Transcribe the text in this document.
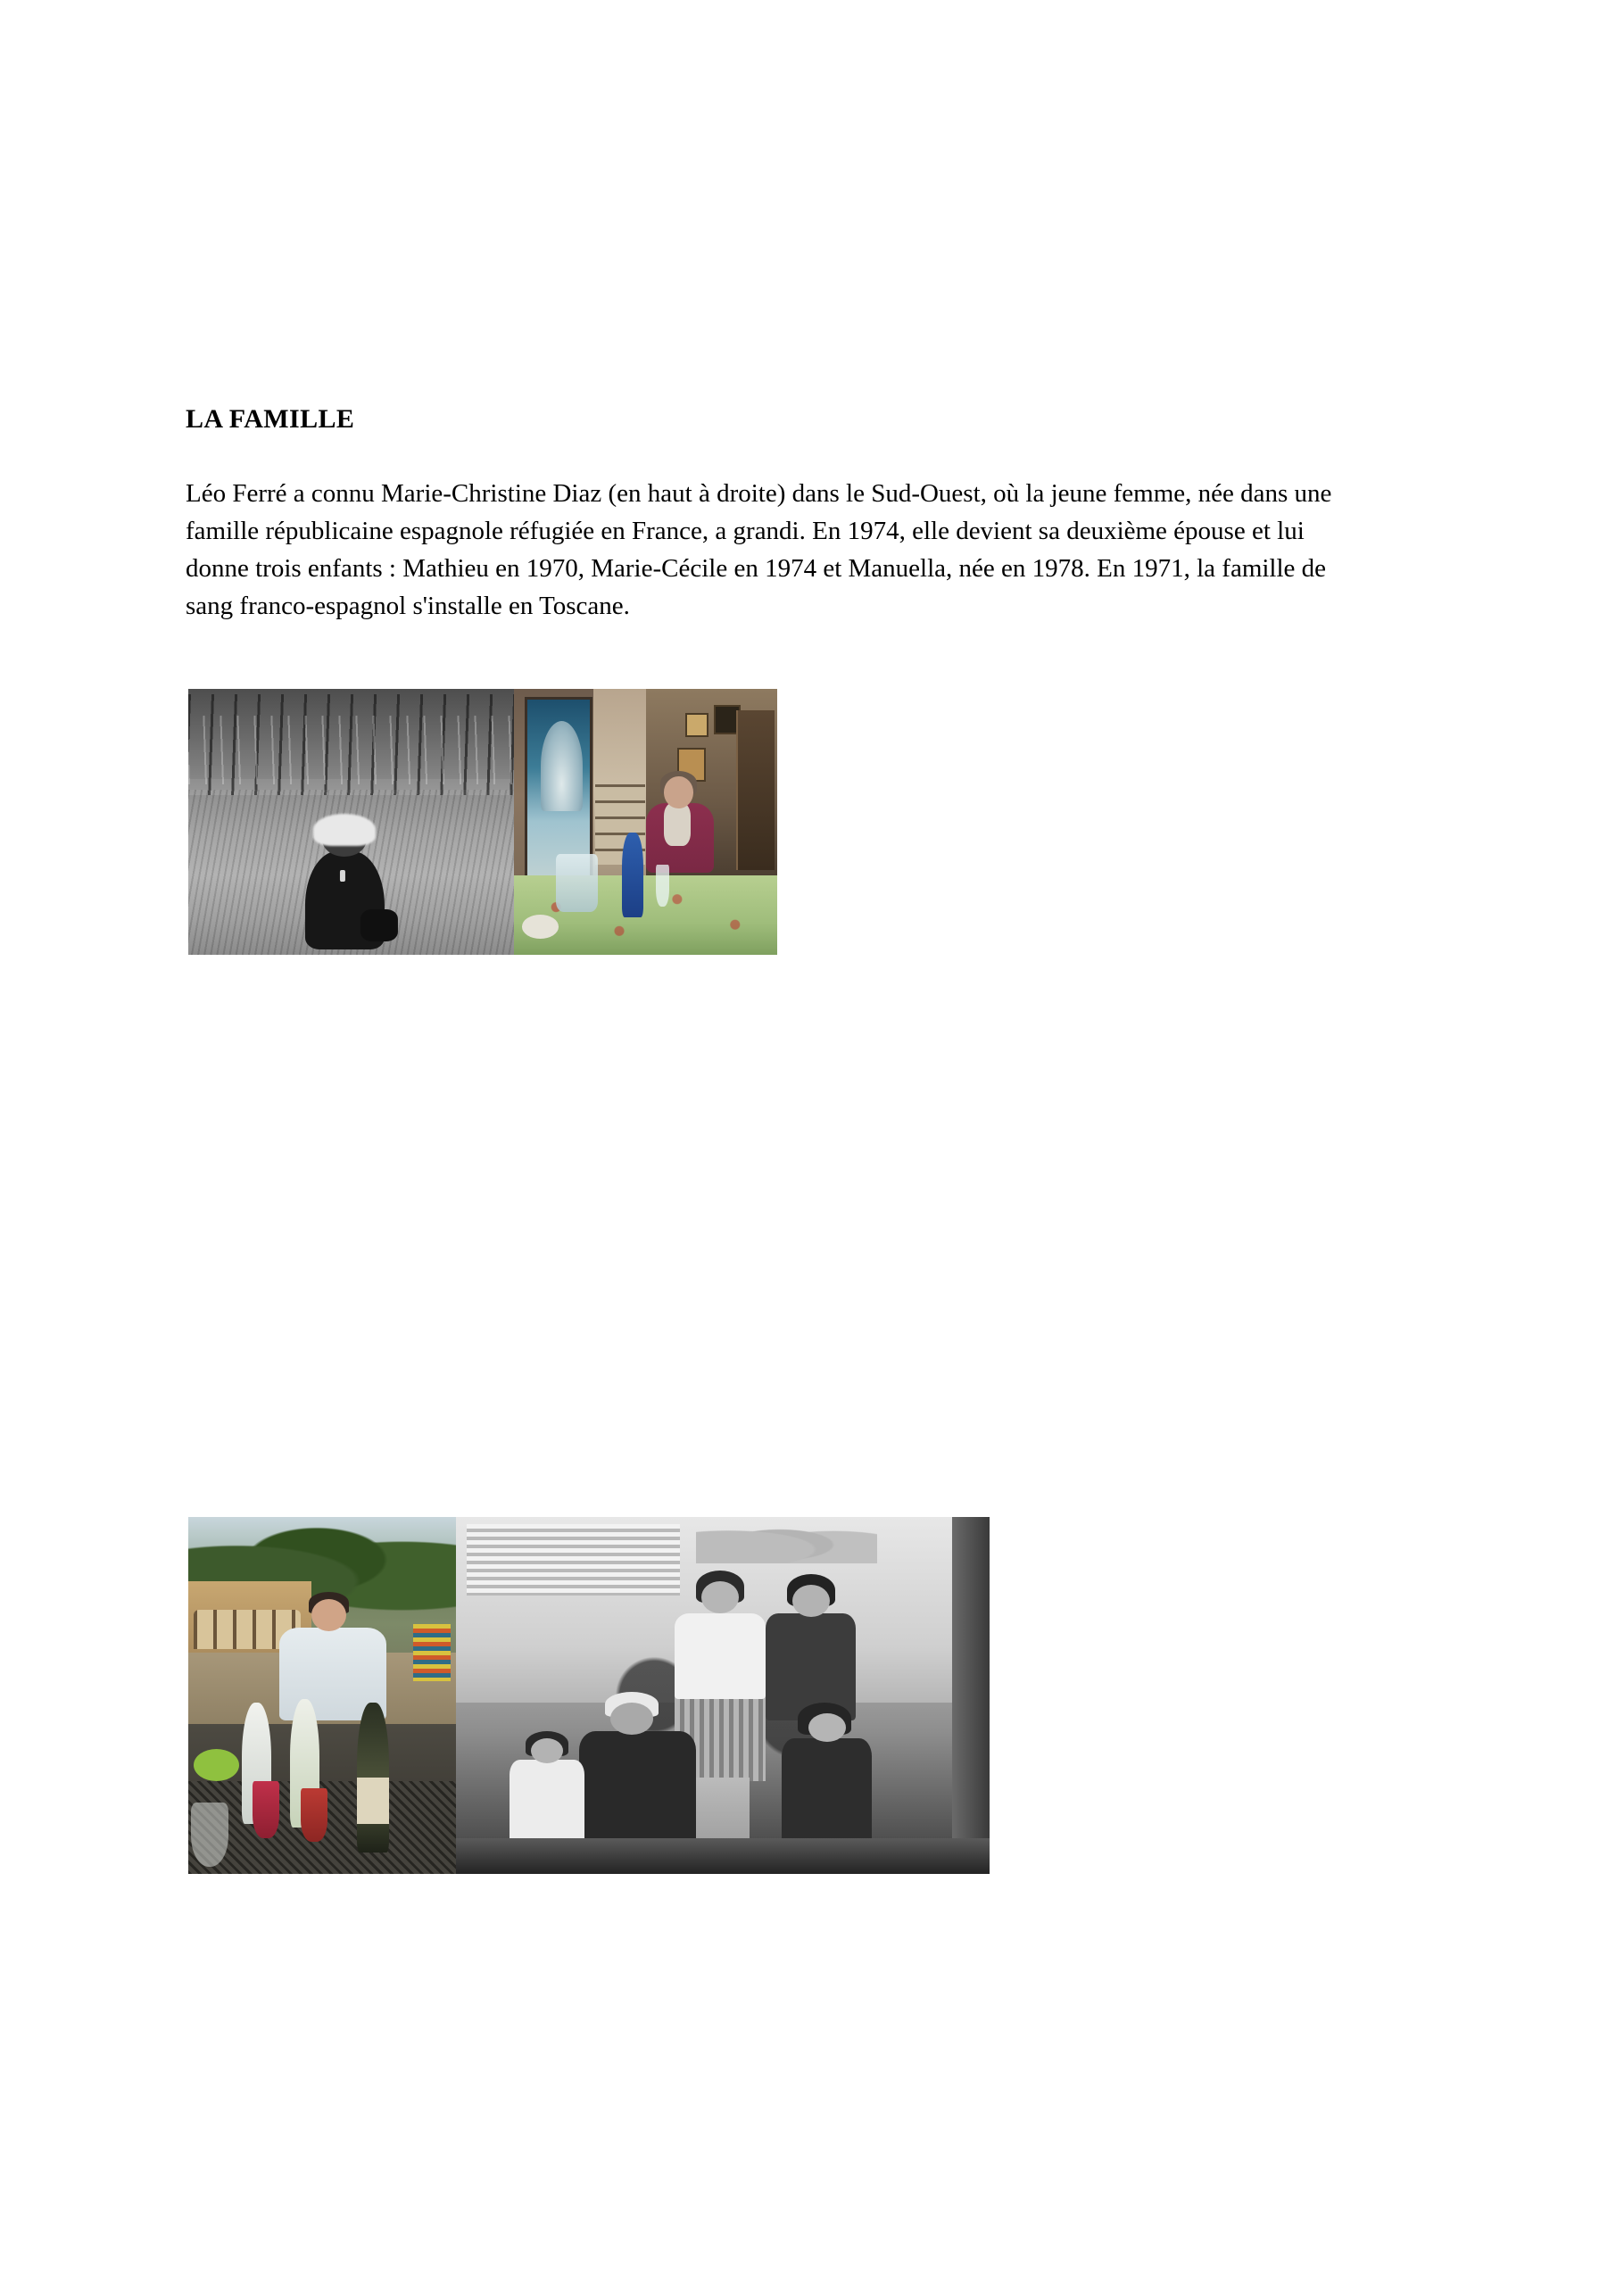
LA FAMILLE

Léo Ferré a connu Marie-Christine Diaz (en haut à droite) dans le Sud-Ouest, où la jeune femme, née dans une famille républicaine espagnole réfugiée en France, a grandi. En 1974, elle devient sa deuxième épouse et lui donne trois enfants : Mathieu en 1970, Marie-Cécile en 1974 et Manuella, née en 1978. En 1971, la famille de sang franco-espagnol s'installe en Toscane.
